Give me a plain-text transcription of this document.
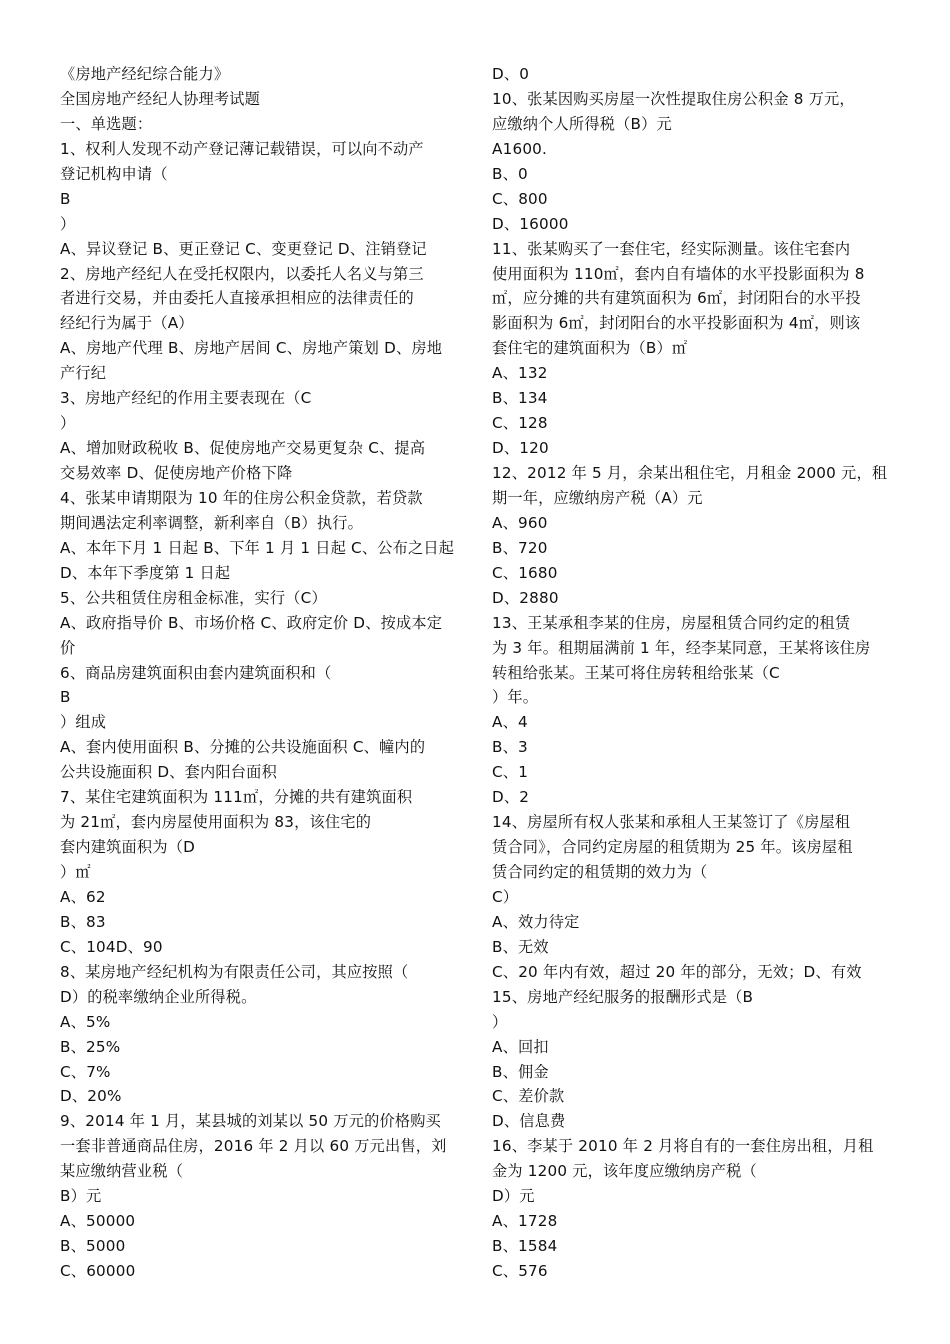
《房地产经纪综合能力》
全国房地产经纪人协理考试题
一、单选题：
1、权利人发现不动产登记薄记载错误，可以向不动产
登记机构申请（
B
）
A、异议登记 B、更正登记 C、变更登记 D、注销登记
2、房地产经纪人在受托权限内，以委托人名义与第三
者进行交易，并由委托人直接承担相应的法律责任的
经纪行为属于（A）
A、房地产代理 B、房地产居间 C、房地产策划 D、房地
产行纪
3、房地产经纪的作用主要表现在（C
）
A、增加财政税收 B、促使房地产交易更复杂 C、提高
交易效率 D、促使房地产价格下降
4、张某申请期限为 10 年的住房公积金贷款，若贷款
期间遇法定利率调整，新利率自（B）执行。
A、本年下月 1 日起 B、下年 1 月 1 日起 C、公布之日起
D、本年下季度第 1 日起
5、公共租赁住房租金标准，实行（C）
A、政府指导价 B、市场价格 C、政府定价 D、按成本定
价
6、商品房建筑面积由套内建筑面积和（
B
）组成
A、套内使用面积 B、分摊的公共设施面积 C、幢内的
公共设施面积 D、套内阳台面积
7、某住宅建筑面积为 111㎡，分摊的共有建筑面积
为 21㎡，套内房屋使用面积为 83，该住宅的
套内建筑面积为（D
）㎡
A、62
B、83
C、104D、90
8、某房地产经纪机构为有限责任公司，其应按照（
D）的税率缴纳企业所得税。
A、5%
B、25%
C、7%
D、20%
9、2014 年 1 月，某县城的刘某以 50 万元的价格购买
一套非普通商品住房，2016 年 2 月以 60 万元出售，刘
某应缴纳营业税（
B）元
A、50000
B、5000
C、60000
D、0
10、张某因购买房屋一次性提取住房公积金 8 万元，
应缴纳个人所得税（B）元
A1600.
B、0
C、800
D、16000
11、张某购买了一套住宅，经实际测量。该住宅套内
使用面积为 110㎡，套内自有墙体的水平投影面积为 8
㎡，应分摊的共有建筑面积为 6㎡，封闭阳台的水平投
影面积为 6㎡，封闭阳台的水平投影面积为 4㎡，则该
套住宅的建筑面积为（B）㎡
A、132
B、134
C、128
D、120
12、2012 年 5 月，余某出租住宅，月租金 2000 元，租
期一年，应缴纳房产税（A）元
A、960
B、720
C、1680
D、2880
13、王某承租李某的住房，房屋租赁合同约定的租赁
为 3 年。租期届满前 1 年，经李某同意，王某将该住房
转租给张某。王某可将住房转租给张某（C
）年。
A、4
B、3
C、1
D、2
14、房屋所有权人张某和承租人王某签订了《房屋租
赁合同》，合同约定房屋的租赁期为 25 年。该房屋租
赁合同约定的租赁期的效力为（
C）
A、效力待定
B、无效
C、20 年内有效，超过 20 年的部分，无效；D、有效
15、房地产经纪服务的报酬形式是（B
）
A、回扣
B、佣金
C、差价款
D、信息费
16、李某于 2010 年 2 月将自有的一套住房出租，月租
金为 1200 元，该年度应缴纳房产税（
D）元
A、1728
B、1584
C、576
